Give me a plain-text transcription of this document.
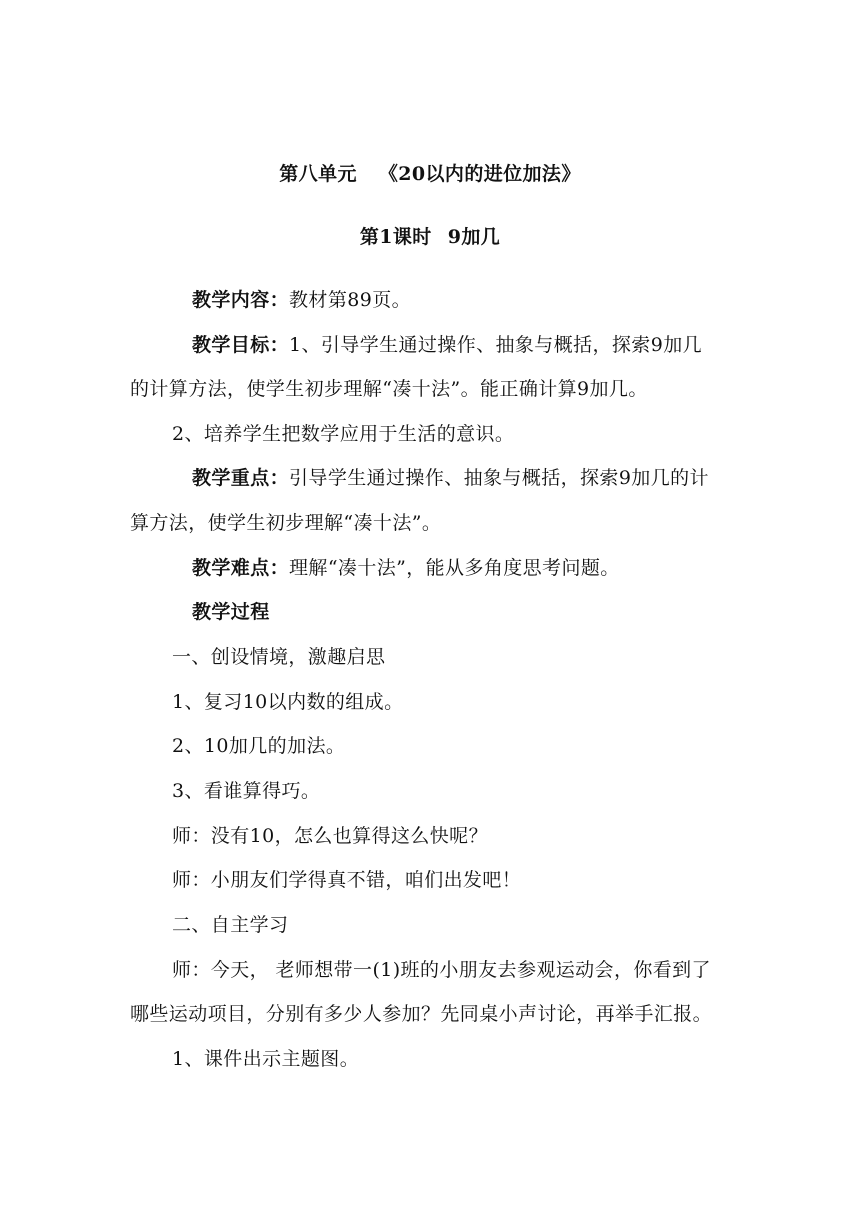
第八单元 《20以内的进位加法》
第1课时 9加几
教学内容：教材第89页。
教学目标：1、引导学生通过操作、抽象与概括，探索9加几
的计算方法，使学生初步理解“凑十法”。能正确计算9加几。
2、培养学生把数学应用于生活的意识。
教学重点：引导学生通过操作、抽象与概括，探索9加几的计
算方法，使学生初步理解“凑十法”。
教学难点：理解“凑十法”，能从多角度思考问题。
教学过程
一、创设情境，激趣启思
1、复习10以内数的组成。
2、10加几的加法。
3、看谁算得巧。
师：没有10，怎么也算得这么快呢？
师：小朋友们学得真不错，咱们出发吧！
二、自主学习
师：今天， 老师想带一(1)班的小朋友去参观运动会，你看到了
哪些运动项目，分别有多少人参加？先同桌小声讨论，再举手汇报。
1、课件出示主题图。
